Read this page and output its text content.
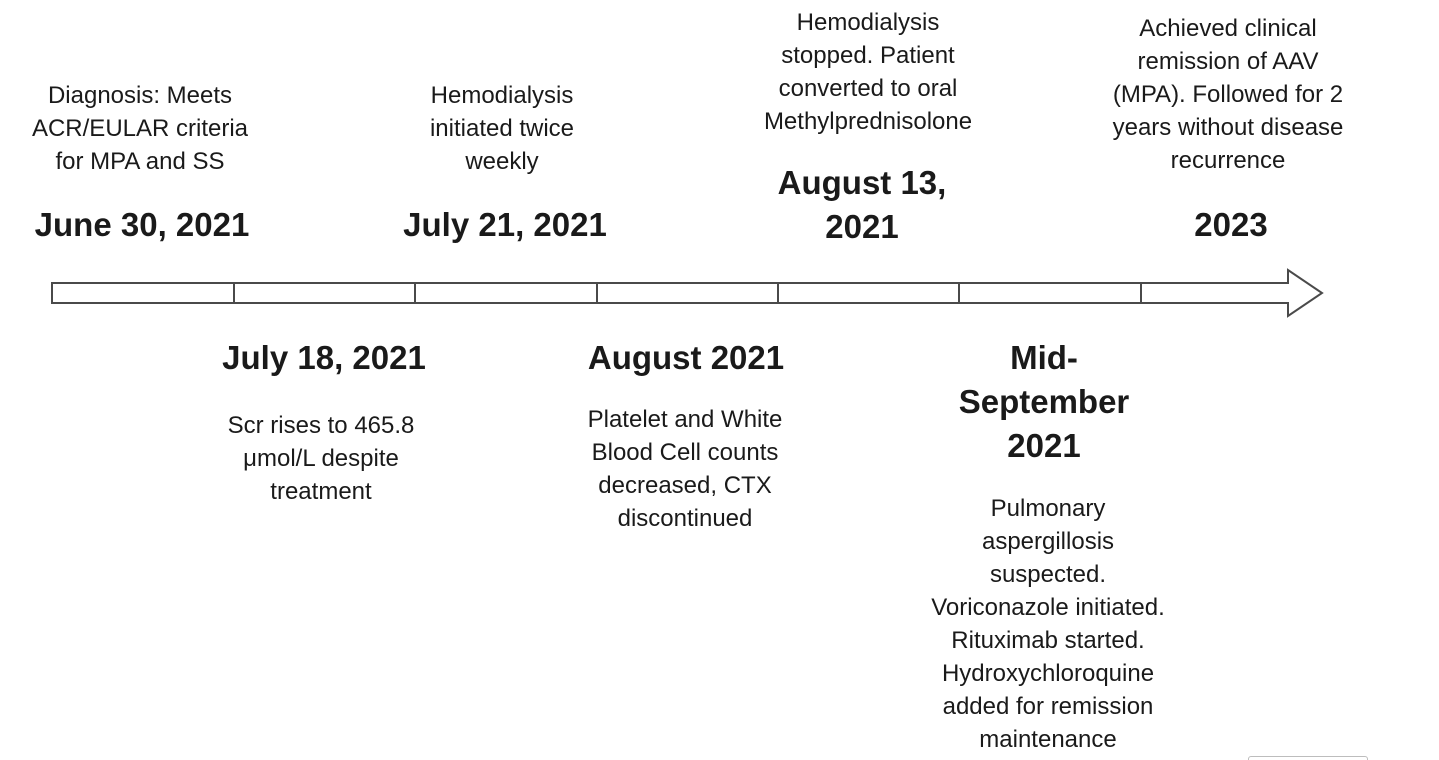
Diagnosis: Meets
ACR/EULAR criteria
for MPA and SS
June 30, 2021
July 18, 2021
Scr rises to 465.8
μmol/L despite
treatment
Hemodialysis
initiated twice
weekly
July 21, 2021
August 2021
Platelet and White
Blood Cell counts
decreased, CTX
discontinued
Hemodialysis
stopped. Patient
converted to oral
Methylprednisolone
August 13,
2021
Mid-
September
2021
Pulmonary
aspergillosis
suspected.
Voriconazole initiated.
Rituximab started.
Hydroxychloroquine
added for remission
maintenance
Achieved clinical
remission of AAV
(MPA). Followed for 2
years without disease
recurrence
2023
